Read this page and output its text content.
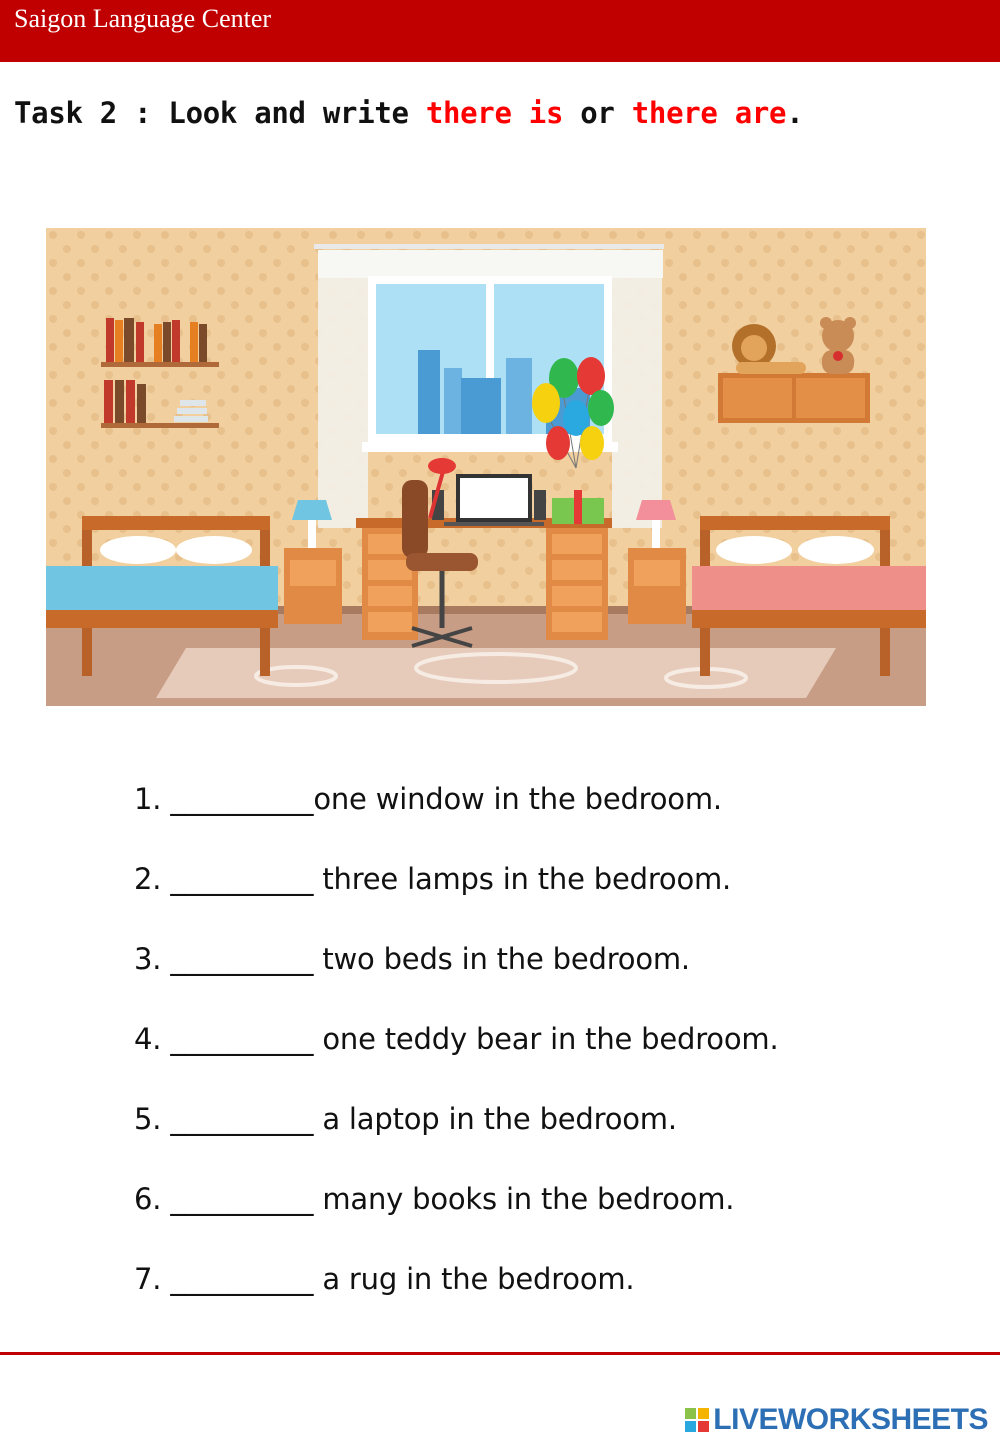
Saigon Language Center
Task 2 : Look and write there is or there are.
1. __________one window in the bedroom.
2. __________ three lamps in the bedroom.
3. __________ two beds in the bedroom.
4. __________ one teddy bear in the bedroom.
5. __________ a laptop in the bedroom.
6. __________ many books in the bedroom.
7. __________ a rug in the bedroom.
LIVEWORKSHEETS
